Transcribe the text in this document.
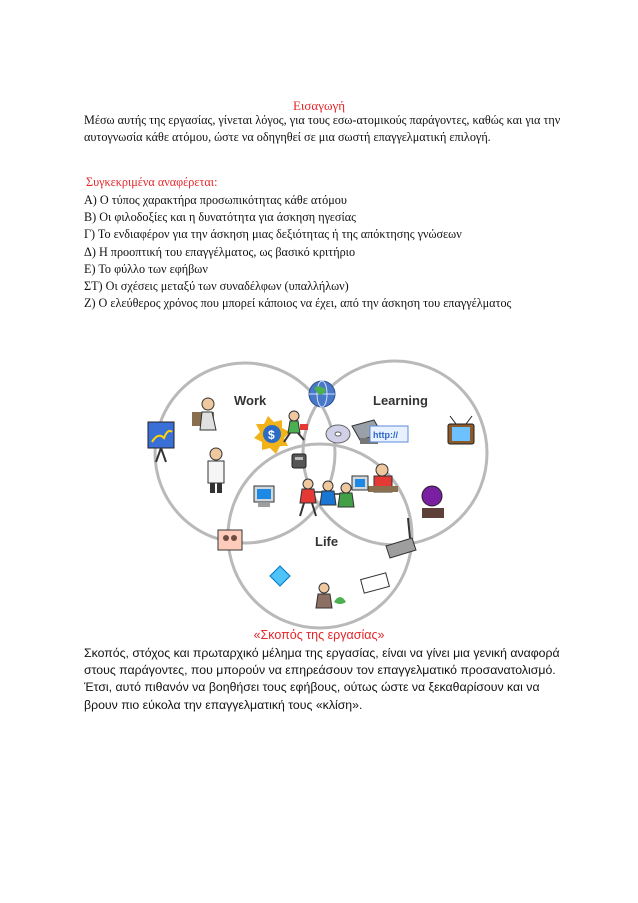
Εισαγωγή

Μέσω αυτής της εργασίας, γίνεται λόγος, για τους εσω-ατομικούς παράγοντες, καθώς και για την αυτογνωσία κάθε ατόμου, ώστε να οδηγηθεί σε μια σωστή επαγγελματική επιλογή.

Συγκεκριμένα αναφέρεται:
Α) Ο τύπος χαρακτήρα προσωπικότητας κάθε ατόμου
Β) Οι φιλοδοξίες και η δυνατότητα για άσκηση ηγεσίας
Γ) Το ενδιαφέρον για την άσκηση μιας δεξιότητας ή της απόκτησης γνώσεων
Δ) Η προοπτική του επαγγέλματος, ως βασικό κριτήριο
Ε) Το φύλλο των εφήβων
ΣΤ) Οι σχέσεις μεταξύ των συναδέλφων (υπαλλήλων)
Ζ) Ο ελεύθερος χρόνος που μπορεί κάποιος να έχει, από την άσκηση του επαγγέλματος
Work	Learning
Life
$	http://
«Σκοπός της εργασίας»

Σκοπός, στόχος και πρωταρχικό μέλημα της εργασίας, είναι να γίνει μια γενική αναφορά στους παράγοντες, που μπορούν να επηρεάσουν τον επαγγελματικό προσανατολισμό. Έτσι, αυτό πιθανόν να βοηθήσει τους εφήβους, ούτως ώστε να ξεκαθαρίσουν και να βρουν πιο εύκολα την επαγγελματική τους «κλίση».
